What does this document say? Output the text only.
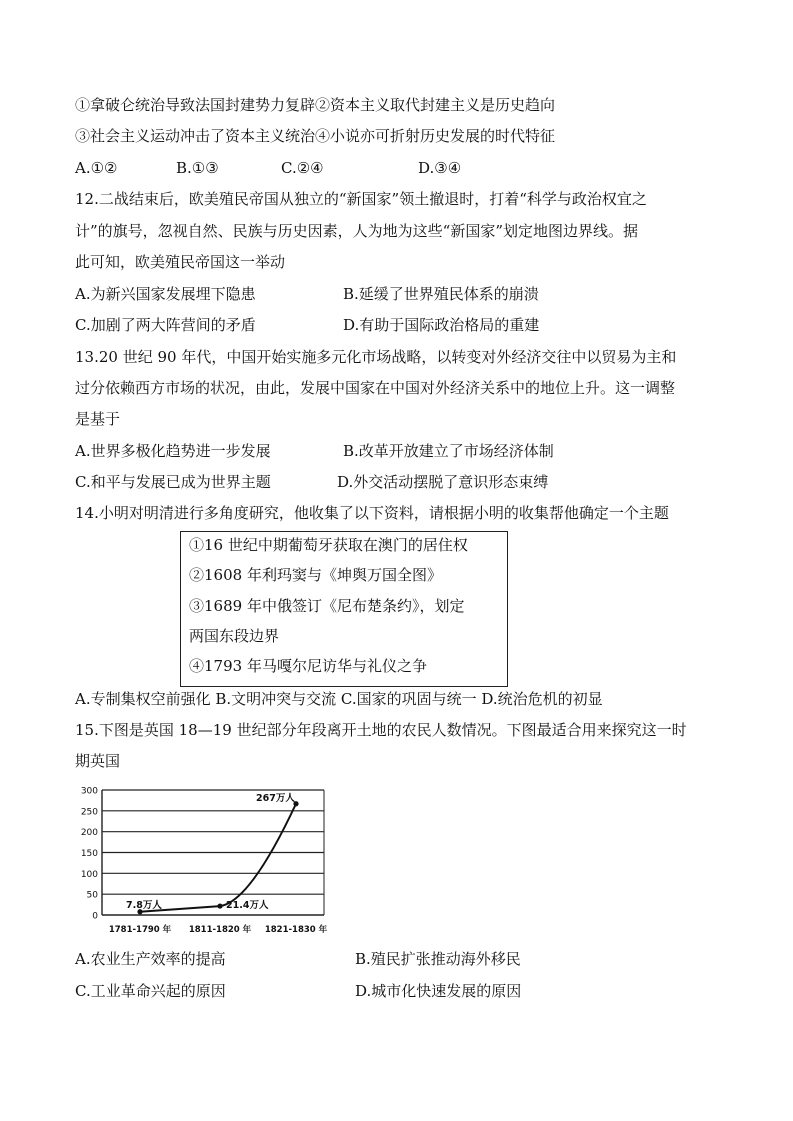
①拿破仑统治导致法国封建势力复辟②资本主义取代封建主义是历史趋向
③社会主义运动冲击了资本主义统治④小说亦可折射历史发展的时代特征
A.①②	B.①③	C.②④	D.③④
12.二战结束后，欧美殖民帝国从独立的“新国家”领土撤退时，打着“科学与政治权宜之
计”的旗号，忽视自然、民族与历史因素，人为地为这些“新国家”划定地图边界线。据
此可知，欧美殖民帝国这一举动
A.为新兴国家发展埋下隐患	B.延缓了世界殖民体系的崩溃
C.加剧了两大阵营间的矛盾	D.有助于国际政治格局的重建
13.20 世纪 90 年代，中国开始实施多元化市场战略，以转变对外经济交往中以贸易为主和
过分依赖西方市场的状况，由此，发展中国家在中国对外经济关系中的地位上升。这一调整
是基于
A.世界多极化趋势进一步发展	B.改革开放建立了市场经济体制
C.和平与发展已成为世界主题	D.外交活动摆脱了意识形态束缚
14.小明对明清进行多角度研究，他收集了以下资料，请根据小明的收集帮他确定一个主题
①16 世纪中期葡萄牙获取在澳门的居住权
②1608 年利玛窦与《坤舆万国全图》
③1689 年中俄签订《尼布楚条约》，划定
两国东段边界
④1793 年马嘎尔尼访华与礼仪之争
A.专制集权空前强化 B.文明冲突与交流 C.国家的巩固与统一 D.统治危机的初显
15.下图是英国 18—19 世纪部分年段离开土地的农民人数情况。下图最适合用来探究这一时
期英国
0
50
100
150
200
250
300
1781-1790 年 1811-1820 年 1821-1830 年
7.8万人	21.4万人
267万人
A.农业生产效率的提高	B.殖民扩张推动海外移民
C.工业革命兴起的原因	D.城市化快速发展的原因
